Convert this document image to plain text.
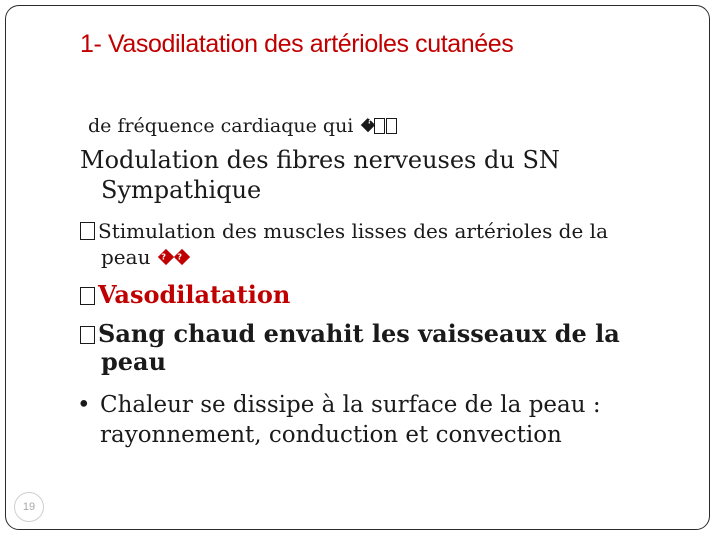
1- Vasodilatation des artérioles cutanées
de fréquence cardiaque qui ?
Modulation des fibres nerveuses du SN
Sympathique
Stimulation des muscles lisses des artérioles de la
peau ??
Vasodilatation
Sang chaud envahit les vaisseaux de la
peau
• Chaleur se dissipe à la surface de la peau :
rayonnement, conduction et convection
19
